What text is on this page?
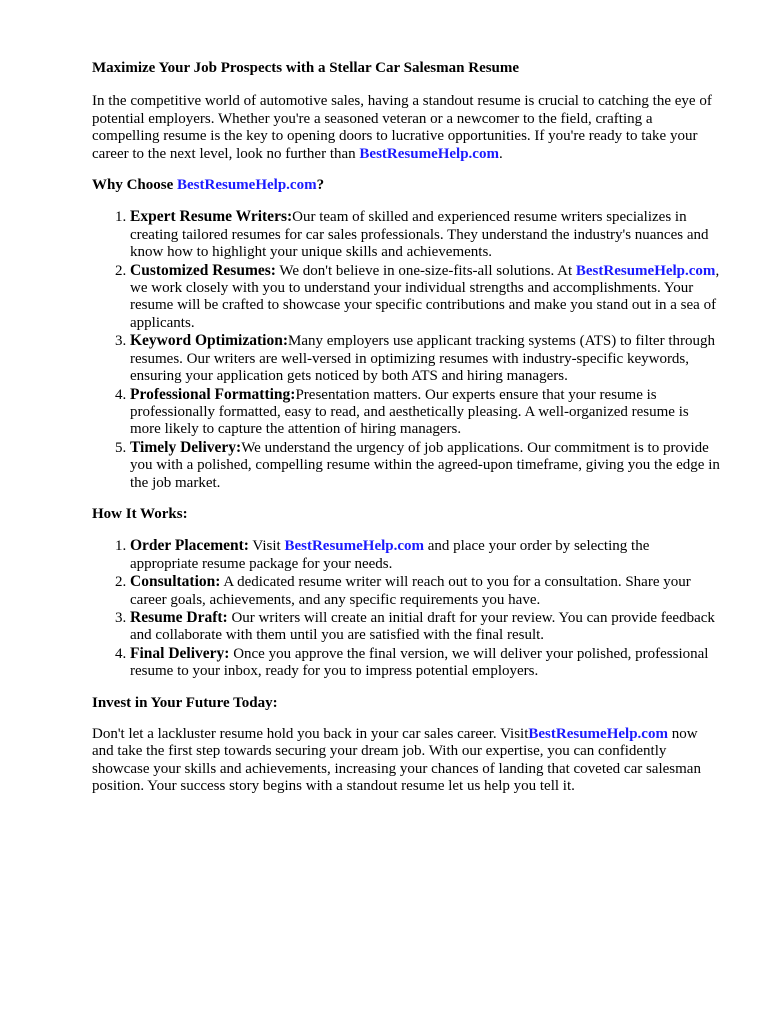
Maximize Your Job Prospects with a Stellar Car Salesman Resume

In the competitive world of automotive sales, having a standout resume is crucial to catching the eye of potential employers. Whether you're a seasoned veteran or a newcomer to the field, crafting a compelling resume is the key to opening doors to lucrative opportunities. If you're ready to take your career to the next level, look no further than BestResumeHelp.com.

Why Choose BestResumeHelp.com?
1. Expert Resume Writers:Our team of skilled and experienced resume writers specializes in creating tailored resumes for car sales professionals. They understand the industry's nuances and know how to highlight your unique skills and achievements.
2. Customized Resumes: We don't believe in one-size-fits-all solutions. At BestResumeHelp.com, we work closely with you to understand your individual strengths and accomplishments. Your resume will be crafted to showcase your specific contributions and make you stand out in a sea of applicants.
3. Keyword Optimization:Many employers use applicant tracking systems (ATS) to filter through resumes. Our writers are well-versed in optimizing resumes with industry-specific keywords, ensuring your application gets noticed by both ATS and hiring managers.
4. Professional Formatting:Presentation matters. Our experts ensure that your resume is professionally formatted, easy to read, and aesthetically pleasing. A well-organized resume is more likely to capture the attention of hiring managers.
5. Timely Delivery:We understand the urgency of job applications. Our commitment is to provide you with a polished, compelling resume within the agreed-upon timeframe, giving you the edge in the job market.
How It Works:
1. Order Placement: Visit BestResumeHelp.com and place your order by selecting the appropriate resume package for your needs.
2. Consultation: A dedicated resume writer will reach out to you for a consultation. Share your career goals, achievements, and any specific requirements you have.
3. Resume Draft: Our writers will create an initial draft for your review. You can provide feedback and collaborate with them until you are satisfied with the final result.
4. Final Delivery: Once you approve the final version, we will deliver your polished, professional resume to your inbox, ready for you to impress potential employers.
Invest in Your Future Today:

Don't let a lackluster resume hold you back in your car sales career. VisitBestResumeHelp.com now and take the first step towards securing your dream job. With our expertise, you can confidently showcase your skills and achievements, increasing your chances of landing that coveted car salesman position. Your success story begins with a standout resume let us help you tell it.
